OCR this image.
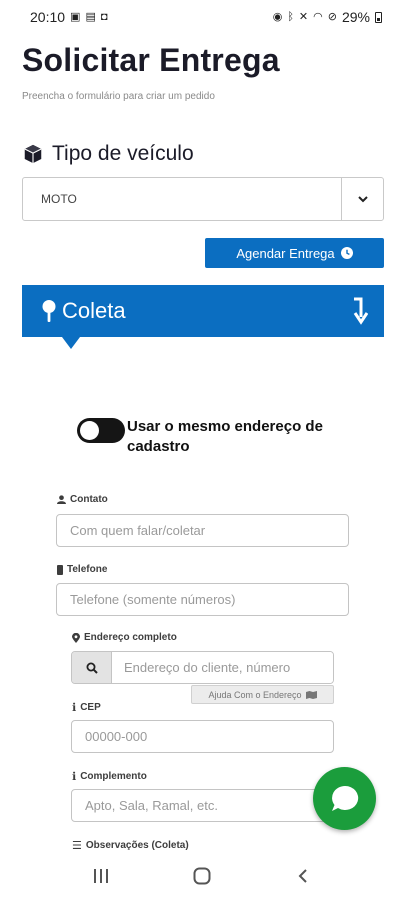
20:10 ▣ ▤ ◘	◉ ᛒ ✕ ◠ ⊘ 29%
Solicitar Entrega
Preencha o formulário para criar um pedido
Tipo de veículo
MOTO
Agendar Entrega
Coleta
Usar o mesmo endereço de cadastro
Contato
Com quem falar/coletar
Telefone
Telefone (somente números)
Endereço completo
Endereço do cliente, número
Ajuda Com o Endereço
ℹ CEP
00000-000
ℹ Complemento
Apto, Sala, Ramal, etc.
☰ Observações (Coleta)
